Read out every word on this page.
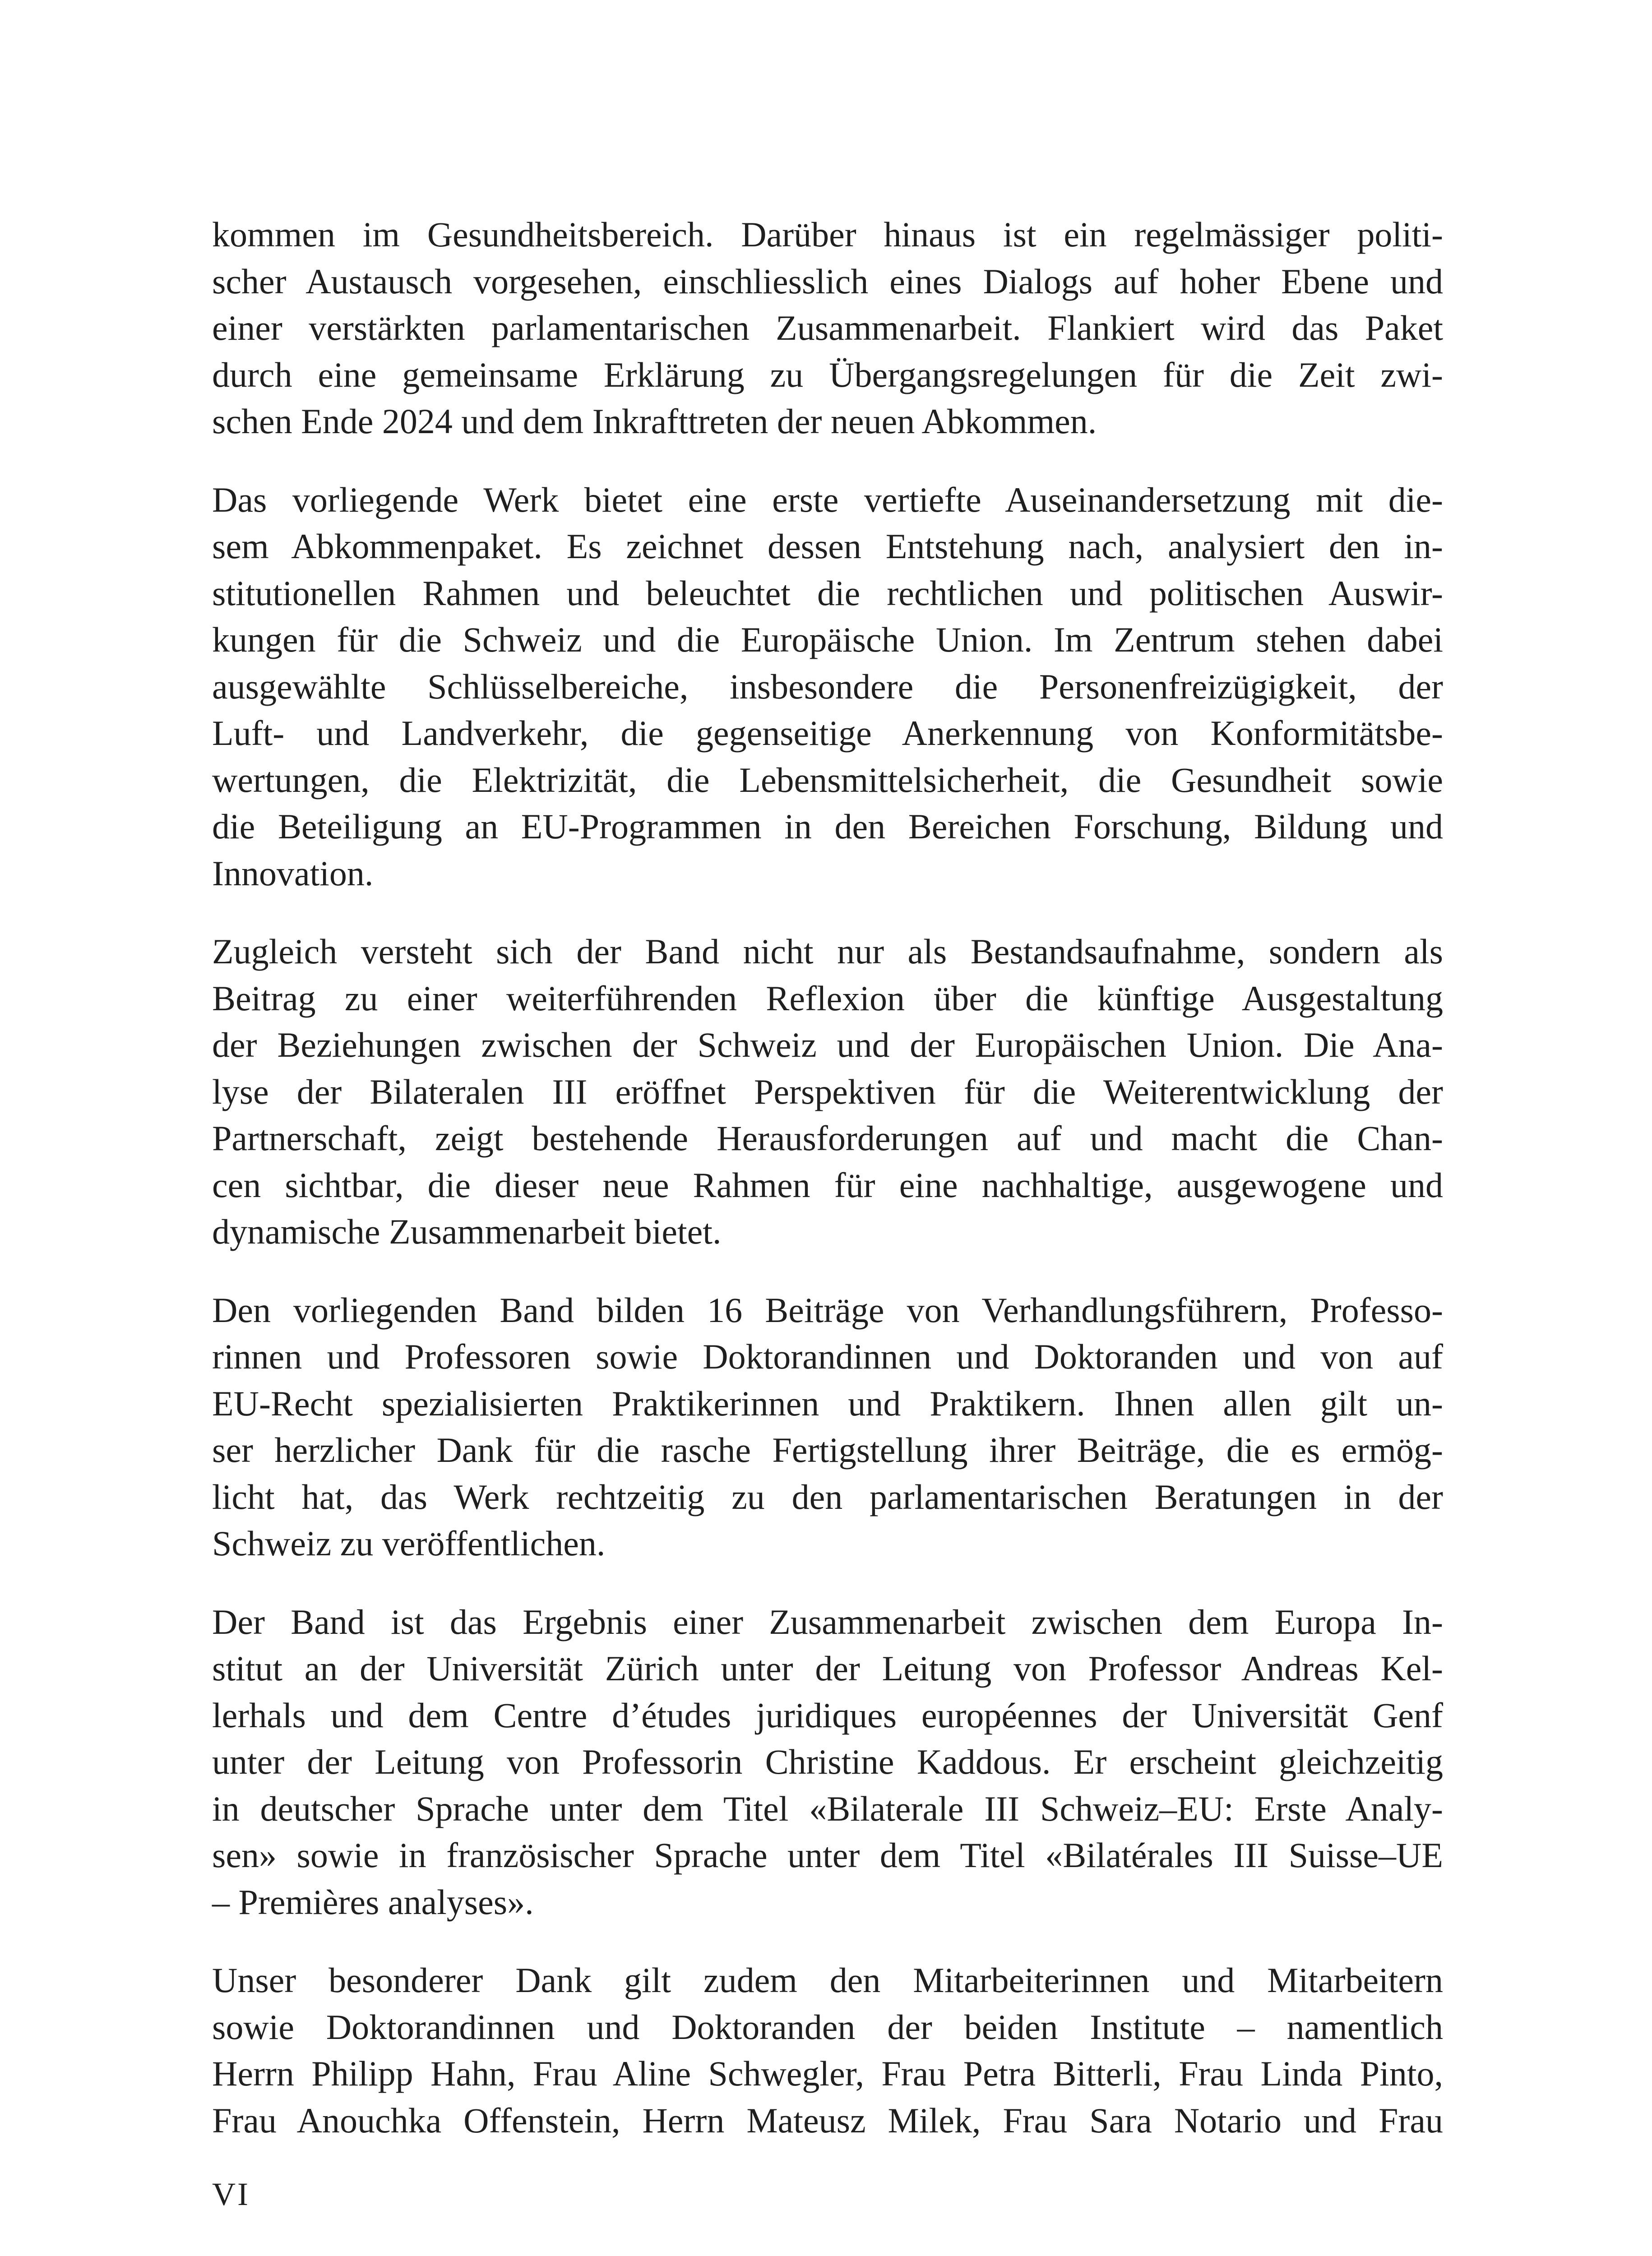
kommen im Gesundheitsbereich. Darüber hinaus ist ein regelmässiger politi-
scher Austausch vorgesehen, einschliesslich eines Dialogs auf hoher Ebene und
einer verstärkten parlamentarischen Zusammenarbeit. Flankiert wird das Paket
durch eine gemeinsame Erklärung zu Übergangsregelungen für die Zeit zwi-
schen Ende 2024 und dem Inkrafttreten der neuen Abkommen.
Das vorliegende Werk bietet eine erste vertiefte Auseinandersetzung mit die-
sem Abkommenpaket. Es zeichnet dessen Entstehung nach, analysiert den in-
stitutionellen Rahmen und beleuchtet die rechtlichen und politischen Auswir-
kungen für die Schweiz und die Europäische Union. Im Zentrum stehen dabei
ausgewählte Schlüsselbereiche, insbesondere die Personenfreizügigkeit, der
Luft- und Landverkehr, die gegenseitige Anerkennung von Konformitätsbe-
wertungen, die Elektrizität, die Lebensmittelsicherheit, die Gesundheit sowie
die Beteiligung an EU-Programmen in den Bereichen Forschung, Bildung und
Innovation.
Zugleich versteht sich der Band nicht nur als Bestandsaufnahme, sondern als
Beitrag zu einer weiterführenden Reflexion über die künftige Ausgestaltung
der Beziehungen zwischen der Schweiz und der Europäischen Union. Die Ana-
lyse der Bilateralen III eröffnet Perspektiven für die Weiterentwicklung der
Partnerschaft, zeigt bestehende Herausforderungen auf und macht die Chan-
cen sichtbar, die dieser neue Rahmen für eine nachhaltige, ausgewogene und
dynamische Zusammenarbeit bietet.
Den vorliegenden Band bilden 16 Beiträge von Verhandlungsführern, Professo-
rinnen und Professoren sowie Doktorandinnen und Doktoranden und von auf
EU-Recht spezialisierten Praktikerinnen und Praktikern. Ihnen allen gilt un-
ser herzlicher Dank für die rasche Fertigstellung ihrer Beiträge, die es ermög-
licht hat, das Werk rechtzeitig zu den parlamentarischen Beratungen in der
Schweiz zu veröffentlichen.
Der Band ist das Ergebnis einer Zusammenarbeit zwischen dem Europa In-
stitut an der Universität Zürich unter der Leitung von Professor Andreas Kel-
lerhals und dem Centre d’études juridiques européennes der Universität Genf
unter der Leitung von Professorin Christine Kaddous. Er erscheint gleichzeitig
in deutscher Sprache unter dem Titel «Bilaterale III Schweiz–EU: Erste Analy-
sen» sowie in französischer Sprache unter dem Titel «Bilatérales III Suisse–UE
– Premières analyses».
Unser besonderer Dank gilt zudem den Mitarbeiterinnen und Mitarbeitern
sowie Doktorandinnen und Doktoranden der beiden Institute – namentlich
Herrn Philipp Hahn, Frau Aline Schwegler, Frau Petra Bitterli, Frau Linda Pinto,
Frau Anouchka Offenstein, Herrn Mateusz Milek, Frau Sara Notario und Frau
VI
